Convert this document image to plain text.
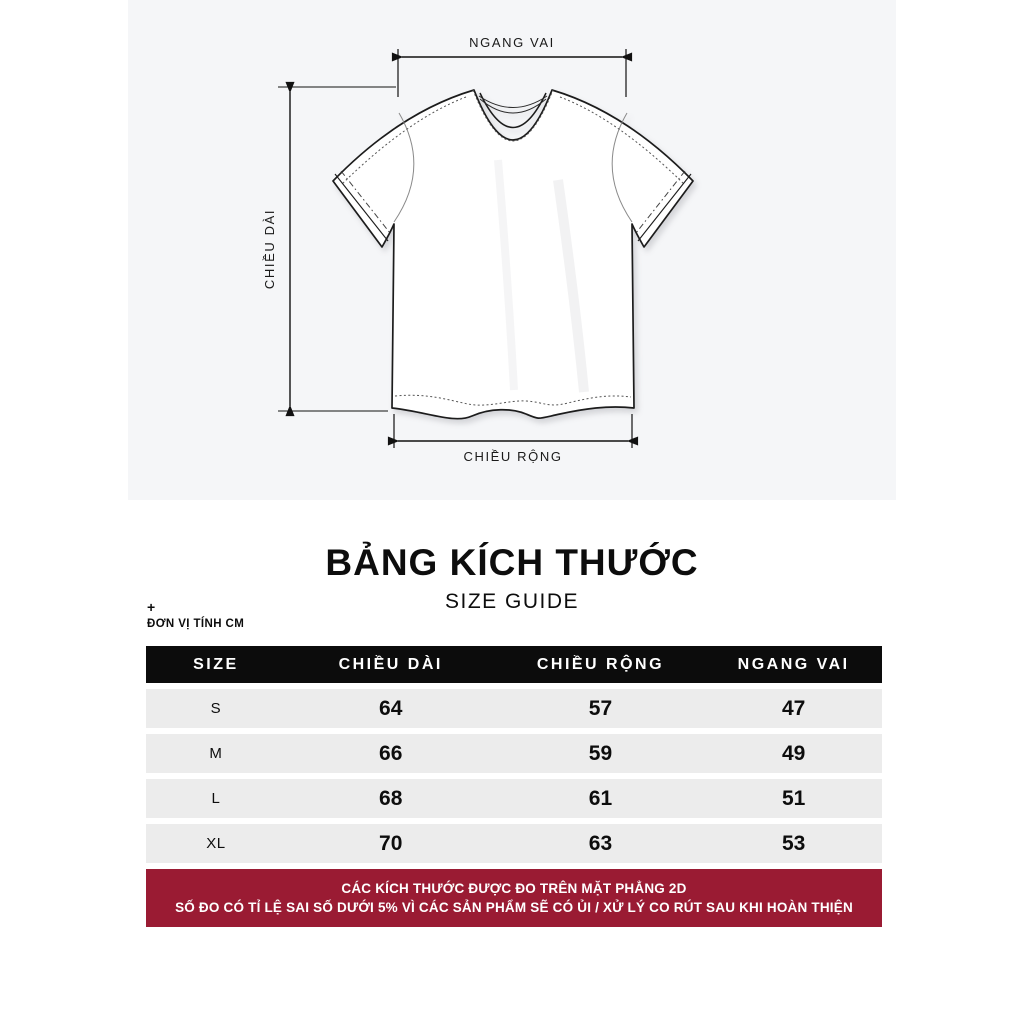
NGANG VAI
CHIỀU DÀI
CHIỀU RỘNG
BẢNG KÍCH THƯỚC
SIZE GUIDE
+
ĐƠN VỊ TÍNH CM
SIZE	CHIỀU DÀI	CHIỀU RỘNG	NGANG VAI
S	64	57	47
M	66	59	49
L	68	61	51
XL	70	63	53
CÁC KÍCH THƯỚC ĐƯỢC ĐO TRÊN MẶT PHẲNG 2D
SỐ ĐO CÓ TỈ LỆ SAI SỐ DƯỚI 5% VÌ CÁC SẢN PHẨM SẼ CÓ ỦI / XỬ LÝ CO RÚT SAU KHI HOÀN THIỆN
